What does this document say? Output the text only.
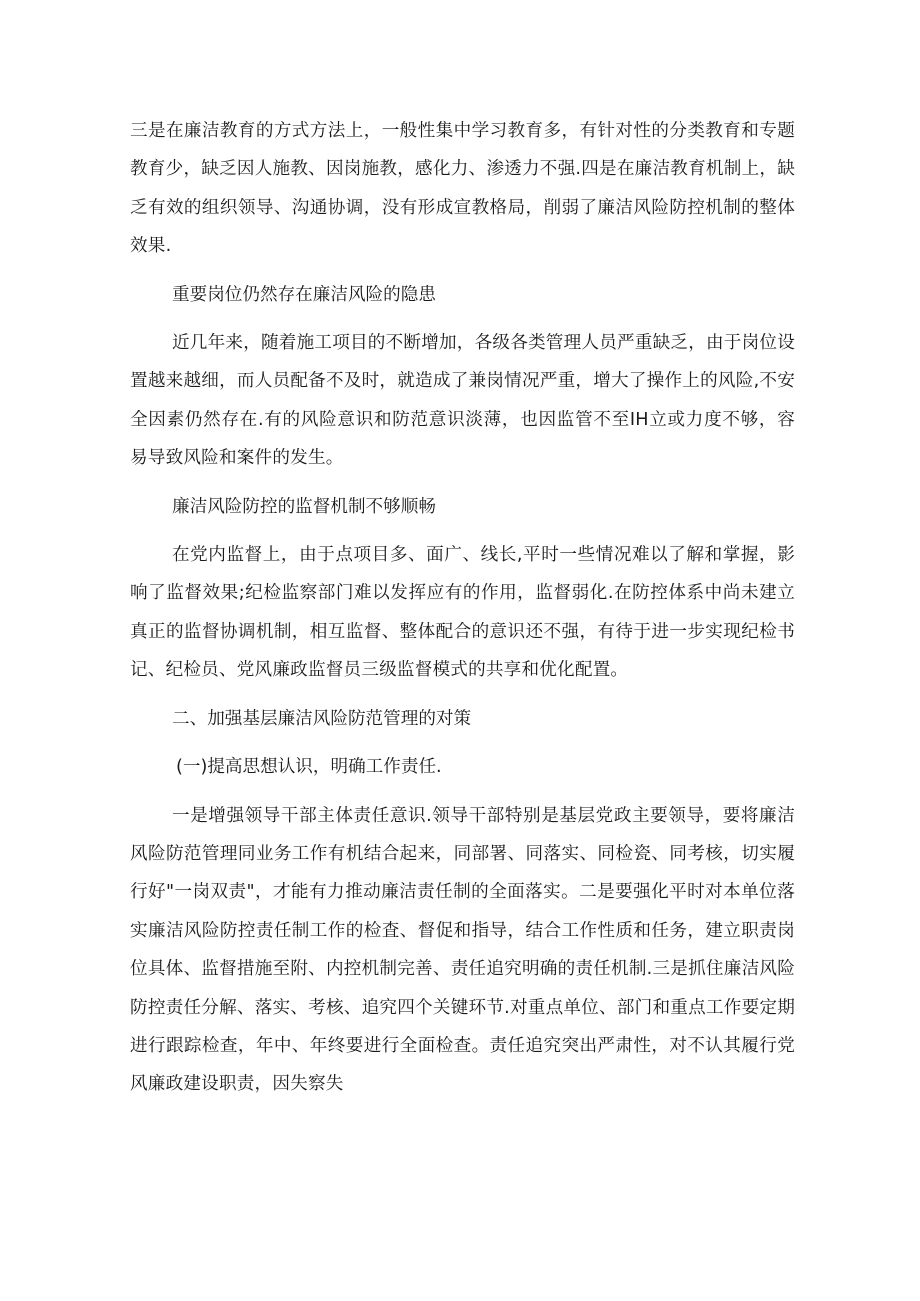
三是在廉洁教育的方式方法上，一般性集中学习教育多，有针对性的分类教育和专题教育少，缺乏因人施教、因岗施教，感化力、渗透力不强.四是在廉洁教育机制上，缺乏有效的组织领导、沟通协调，没有形成宣教格局，削弱了廉洁风险防控机制的整体效果.

重要岗位仍然存在廉洁风险的隐患

近几年来，随着施工项目的不断增加，各级各类管理人员严重缺乏，由于岗位设置越来越细，而人员配备不及时，就造成了兼岗情况严重，增大了操作上的风险,不安全因素仍然存在.有的风险意识和防范意识淡薄，也因监管不至IH立或力度不够，容易导致风险和案件的发生。

廉洁风险防控的监督机制不够顺畅

在党内监督上，由于点项目多、面广、线长,平时一些情况难以了解和掌握，影响了监督效果;纪检监察部门难以发挥应有的作用，监督弱化.在防控体系中尚未建立真正的监督协调机制，相互监督、整体配合的意识还不强，有待于进一步实现纪检书记、纪检员、党风廉政监督员三级监督模式的共享和优化配置。

二、加强基层廉洁风险防范管理的对策

(一)提高思想认识，明确工作责任.

一是增强领导干部主体责任意识.领导干部特别是基层党政主要领导，要将廉洁风险防范管理同业务工作有机结合起来，同部署、同落实、同检瓷、同考核，切实履行好"一岗双责"，才能有力推动廉洁责任制的全面落实。二是要强化平时对本单位落实廉洁风险防控责任制工作的检査、督促和指导，结合工作性质和任务，建立职责岗位具体、监督措施至附、内控机制完善、责任追究明确的责任机制.三是抓住廉洁风险防控责任分解、落实、考核、追究四个关键环节.对重点单位、部门和重点工作要定期进行跟踪检查，年中、年终要进行全面检查。责任追究突出严肃性，对不认其履行党风廉政建设职责，因失察失
